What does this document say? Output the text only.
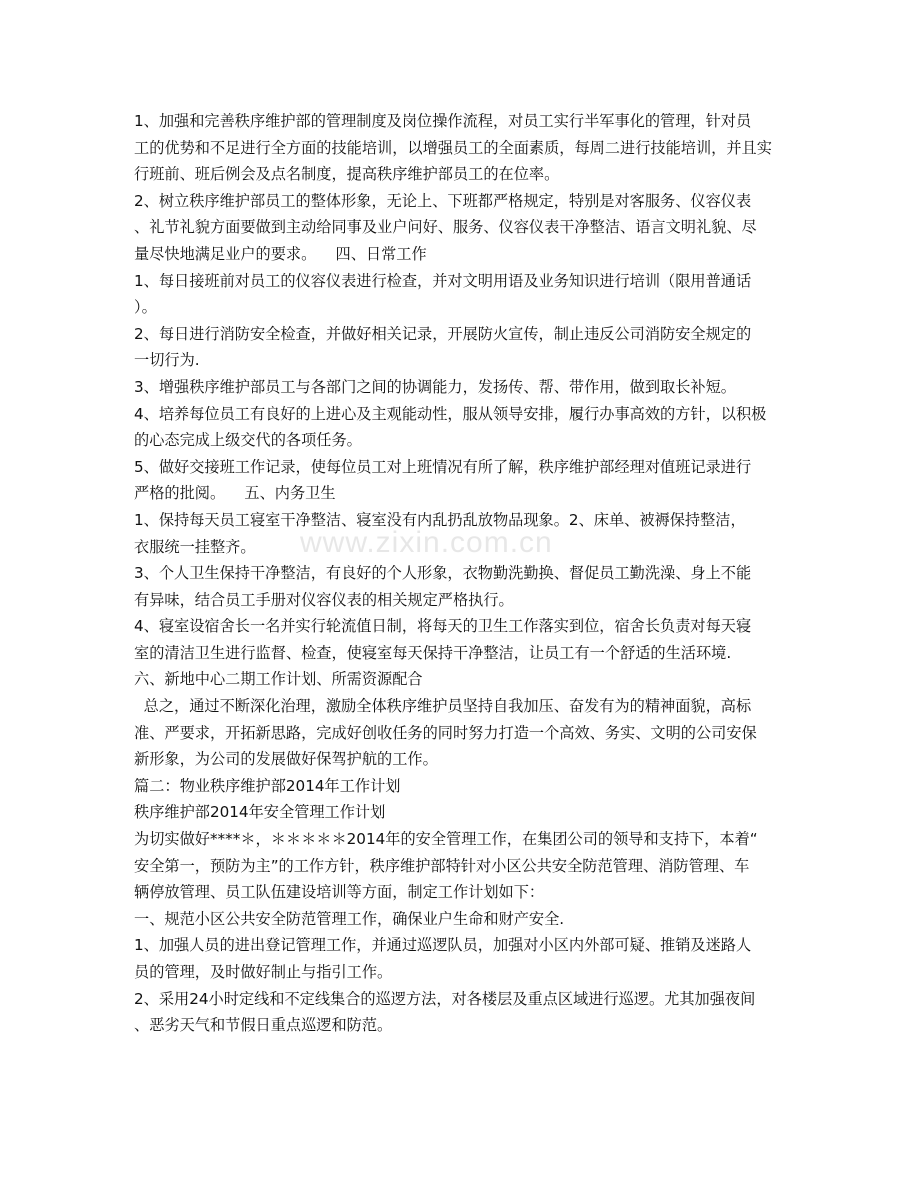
www.zixin.com.cn
1、加强和完善秩序维护部的管理制度及岗位操作流程，对员工实行半军事化的管理，针对员
工的优势和不足进行全方面的技能培训，以增强员工的全面素质，每周二进行技能培训，并且实
行班前、班后例会及点名制度，提高秩序维护部员工的在位率。
2、树立秩序维护部员工的整体形象，无论上、下班都严格规定，特别是对客服务、仪容仪表
、礼节礼貌方面要做到主动给同事及业户问好、服务、仪容仪表干净整洁、语言文明礼貌、尽
量尽快地满足业户的要求。    四、日常工作
1、每日接班前对员工的仪容仪表进行检查，并对文明用语及业务知识进行培训（限用普通话
）。
2、每日进行消防安全检查，并做好相关记录，开展防火宣传，制止违反公司消防安全规定的
一切行为.
3、增强秩序维护部员工与各部门之间的协调能力，发扬传、帮、带作用，做到取长补短。
4、培养每位员工有良好的上进心及主观能动性，服从领导安排，履行办事高效的方针，以积极
的心态完成上级交代的各项任务。
5、做好交接班工作记录，使每位员工对上班情况有所了解，秩序维护部经理对值班记录进行
严格的批阅。    五、内务卫生
1、保持每天员工寝室干净整洁、寝室没有内乱扔乱放物品现象。2、床单、被褥保持整洁，
衣服统一挂整齐。
3、个人卫生保持干净整洁，有良好的个人形象，衣物勤洗勤换、督促员工勤洗澡、身上不能
有异味，结合员工手册对仪容仪表的相关规定严格执行。
4、寝室设宿舍长一名并实行轮流值日制，将每天的卫生工作落实到位，宿舍长负责对每天寝
室的清洁卫生进行监督、检查，使寝室每天保持干净整洁，让员工有一个舒适的生活环境.
六、新地中心二期工作计划、所需资源配合
总之，通过不断深化治理，激励全体秩序维护员坚持自我加压、奋发有为的精神面貌，高标
准、严要求，开拓新思路，完成好创收任务的同时努力打造一个高效、务实、文明的公司安保
新形象，为公司的发展做好保驾护航的工作。
篇二：物业秩序维护部2014年工作计划
秩序维护部2014年安全管理工作计划
为切实做好****＊，＊＊＊＊＊2014年的安全管理工作，在集团公司的领导和支持下，本着“
安全第一，预防为主”的工作方针，秩序维护部特针对小区公共安全防范管理、消防管理、车
辆停放管理、员工队伍建设培训等方面，制定工作计划如下：
一、规范小区公共安全防范管理工作，确保业户生命和财产安全.
1、加强人员的进出登记管理工作，并通过巡逻队员，加强对小区内外部可疑、推销及迷路人
员的管理，及时做好制止与指引工作。
2、采用24小时定线和不定线集合的巡逻方法，对各楼层及重点区域进行巡逻。尤其加强夜间
、恶劣天气和节假日重点巡逻和防范。
